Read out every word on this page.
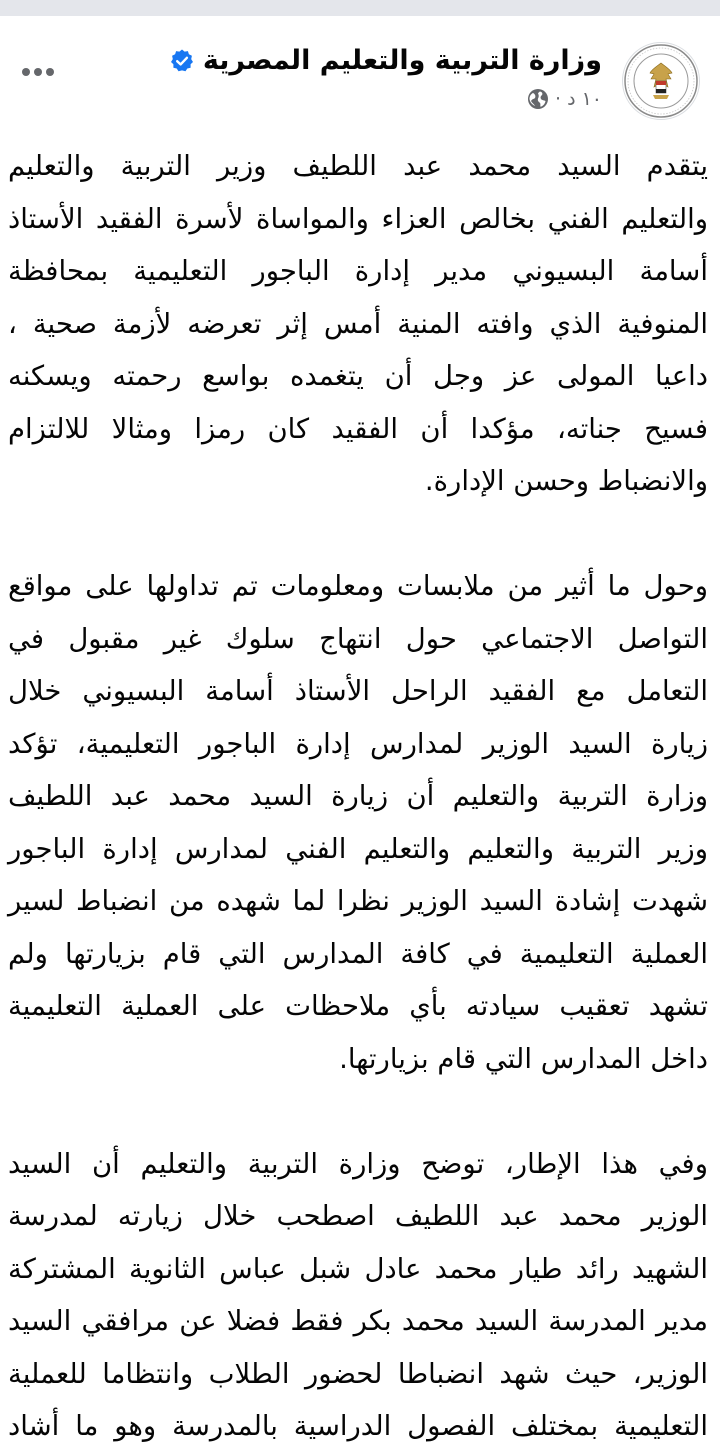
وزارة التربية والتعليم المصرية
١٠ د
·

يتقدم السيد محمد عبد اللطيف وزير التربية والتعليم
والتعليم الفني بخالص العزاء والمواساة لأسرة الفقيد الأستاذ
أسامة البسيوني مدير إدارة الباجور التعليمية بمحافظة
المنوفية الذي وافته المنية أمس إثر تعرضه لأزمة صحية ،
داعيا المولى عز وجل أن يتغمده بواسع رحمته ويسكنه
فسيح جناته، مؤكدا أن الفقيد كان رمزا ومثالا للالتزام
والانضباط وحسن الإدارة.

وحول ما أثير من ملابسات ومعلومات تم تداولها على مواقع
التواصل الاجتماعي حول انتهاج سلوك غير مقبول في
التعامل مع الفقيد الراحل الأستاذ أسامة البسيوني خلال
زيارة السيد الوزير لمدارس إدارة الباجور التعليمية، تؤكد
وزارة التربية والتعليم أن زيارة السيد محمد عبد اللطيف
وزير التربية والتعليم والتعليم الفني لمدارس إدارة الباجور
شهدت إشادة السيد الوزير نظرا لما شهده من انضباط لسير
العملية التعليمية في كافة المدارس التي قام بزيارتها ولم
تشهد تعقيب سيادته بأي ملاحظات على العملية التعليمية
داخل المدارس التي قام بزيارتها.

وفي هذا الإطار، توضح وزارة التربية والتعليم أن السيد
الوزير محمد عبد اللطيف اصطحب خلال زيارته لمدرسة
الشهيد رائد طيار محمد عادل شبل عباس الثانوية المشتركة
مدير المدرسة السيد محمد بكر فقط فضلا عن مرافقي السيد
الوزير، حيث شهد انضباطا لحضور الطلاب وانتظاما للعملية
التعليمية بمختلف الفصول الدراسية بالمدرسة وهو ما أشاد
